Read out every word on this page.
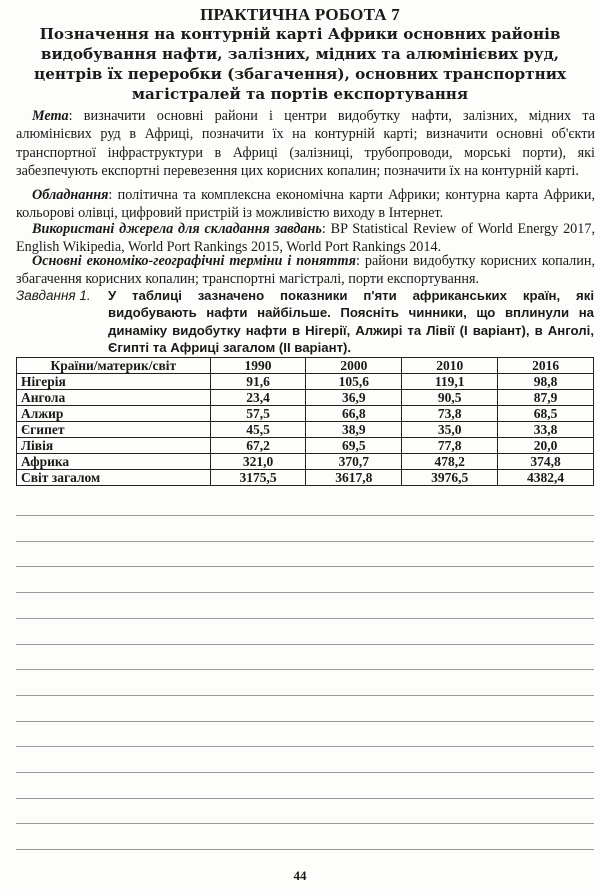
ПРАКТИЧНА РОБОТА 7
Позначення на контурній карті Африки основних районів видобування нафти, залізних, мідних та алюмінієвих руд, центрів їх переробки (збагачення), основних транспортних магістралей та портів експортування
Мета: визначити основні райони і центри видобутку нафти, залізних, мідних та алюмінієвих руд в Африці, позначити їх на контурній карті; визначити основні об'єкти транспортної інфраструктури в Африці (залізниці, трубопроводи, морські порти), які забезпечують експортні перевезення цих корисних копалин; позначити їх на контурній карті.
Обладнання: політична та комплексна економічна карти Африки; контурна карта Африки, кольорові олівці, цифровий пристрій із можливістю виходу в Інтернет.
Використані джерела для складання завдань: BP Statistical Review of World Energy 2017, English Wikipedia, World Port Rankings 2015, World Port Rankings 2014.
Основні економіко-географічні терміни і поняття: райони видобутку корисних копалин, збагачення корисних копалин; транспортні магістралі, порти експортування.
Завдання 1. У таблиці зазначено показники п'яти африканських країн, які видобувають нафти найбільше. Поясніть чинники, що вплинули на динаміку видобутку нафти в Нігерії, Алжирі та Лівії (І варіант), в Анголі, Єгипті та Африці загалом (ІІ варіант).
Країни/материк/світ	1990	2000	2010	2016
Нігерія	91,6	105,6	119,1	98,8
Ангола	23,4	36,9	90,5	87,9
Алжир	57,5	66,8	73,8	68,5
Єгипет	45,5	38,9	35,0	33,8
Лівія	67,2	69,5	77,8	20,0
Африка	321,0	370,7	478,2	374,8
Світ загалом	3175,5	3617,8	3976,5	4382,4
44
